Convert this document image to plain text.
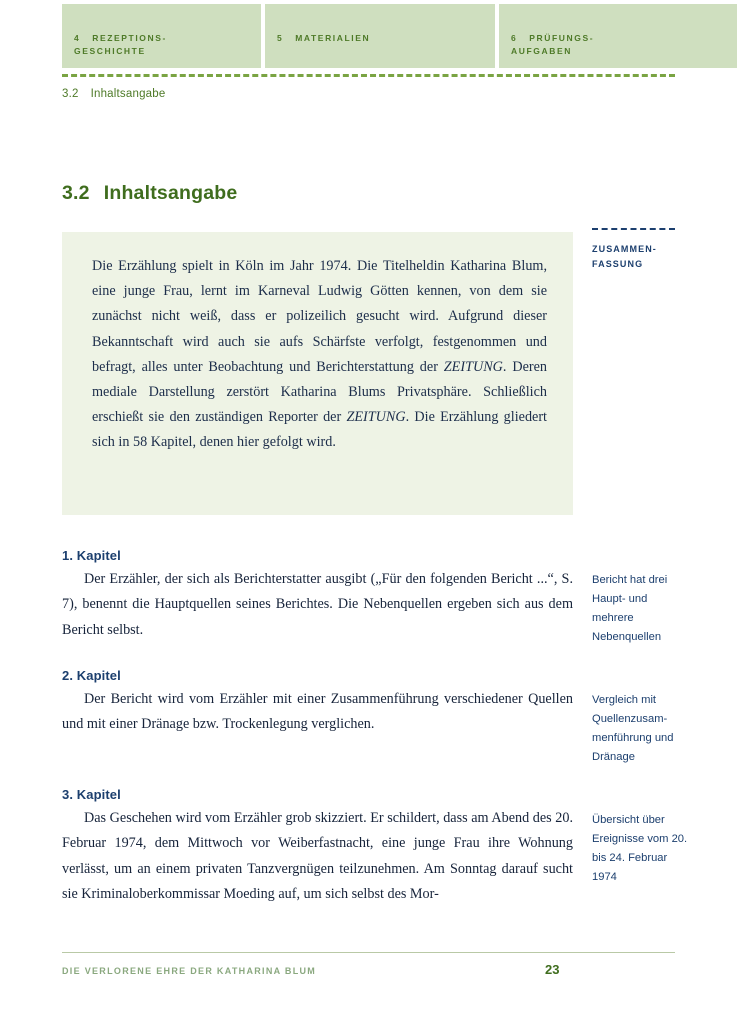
4 REZEPTIONS-
GESCHICHTE
5 MATERIALIEN	6 PRÜFUNGS-
AUFGABEN
3.2 Inhaltsangabe
3.2 Inhaltsangabe
Die Erzählung spielt in Köln im Jahr 1974. Die Titelheldin Katharina Blum, eine junge Frau, lernt im Karneval Ludwig Götten kennen, von dem sie zunächst nicht weiß, dass er polizeilich gesucht wird. Aufgrund dieser Bekanntschaft wird auch sie aufs Schärfste verfolgt, festgenommen und befragt, alles unter Beobachtung und Berichterstattung der ZEITUNG. Deren mediale Darstellung zerstört Katharina Blums Privatsphäre. Schließlich erschießt sie den zuständigen Reporter der ZEITUNG. Die Erzählung gliedert sich in 58 Kapitel, denen hier gefolgt wird.
ZUSAMMEN-
FASSUNG
1. Kapitel

Der Erzähler, der sich als Berichterstatter ausgibt („Für den folgenden Bericht ...“, S. 7), benennt die Hauptquellen seines Berichtes. Die Nebenquellen ergeben sich aus dem Bericht selbst.

Bericht hat drei Haupt- und mehrere Nebenquellen
2. Kapitel

Der Bericht wird vom Erzähler mit einer Zusammenführung verschiedener Quellen und mit einer Dränage bzw. Trockenlegung verglichen.

Vergleich mit Quellenzusam-menführung und Dränage
3. Kapitel

Das Geschehen wird vom Erzähler grob skizziert. Er schildert, dass am Abend des 20. Februar 1974, dem Mittwoch vor Weiberfastnacht, eine junge Frau ihre Wohnung verlässt, um an einem privaten Tanzvergnügen teilzunehmen. Am Sonntag darauf sucht sie Kriminaloberkommissar Moeding auf, um sich selbst des Mor-

Übersicht über Ereignisse vom 20. bis 24. Februar 1974
DIE VERLORENE EHRE DER KATHARINA BLUM	23
